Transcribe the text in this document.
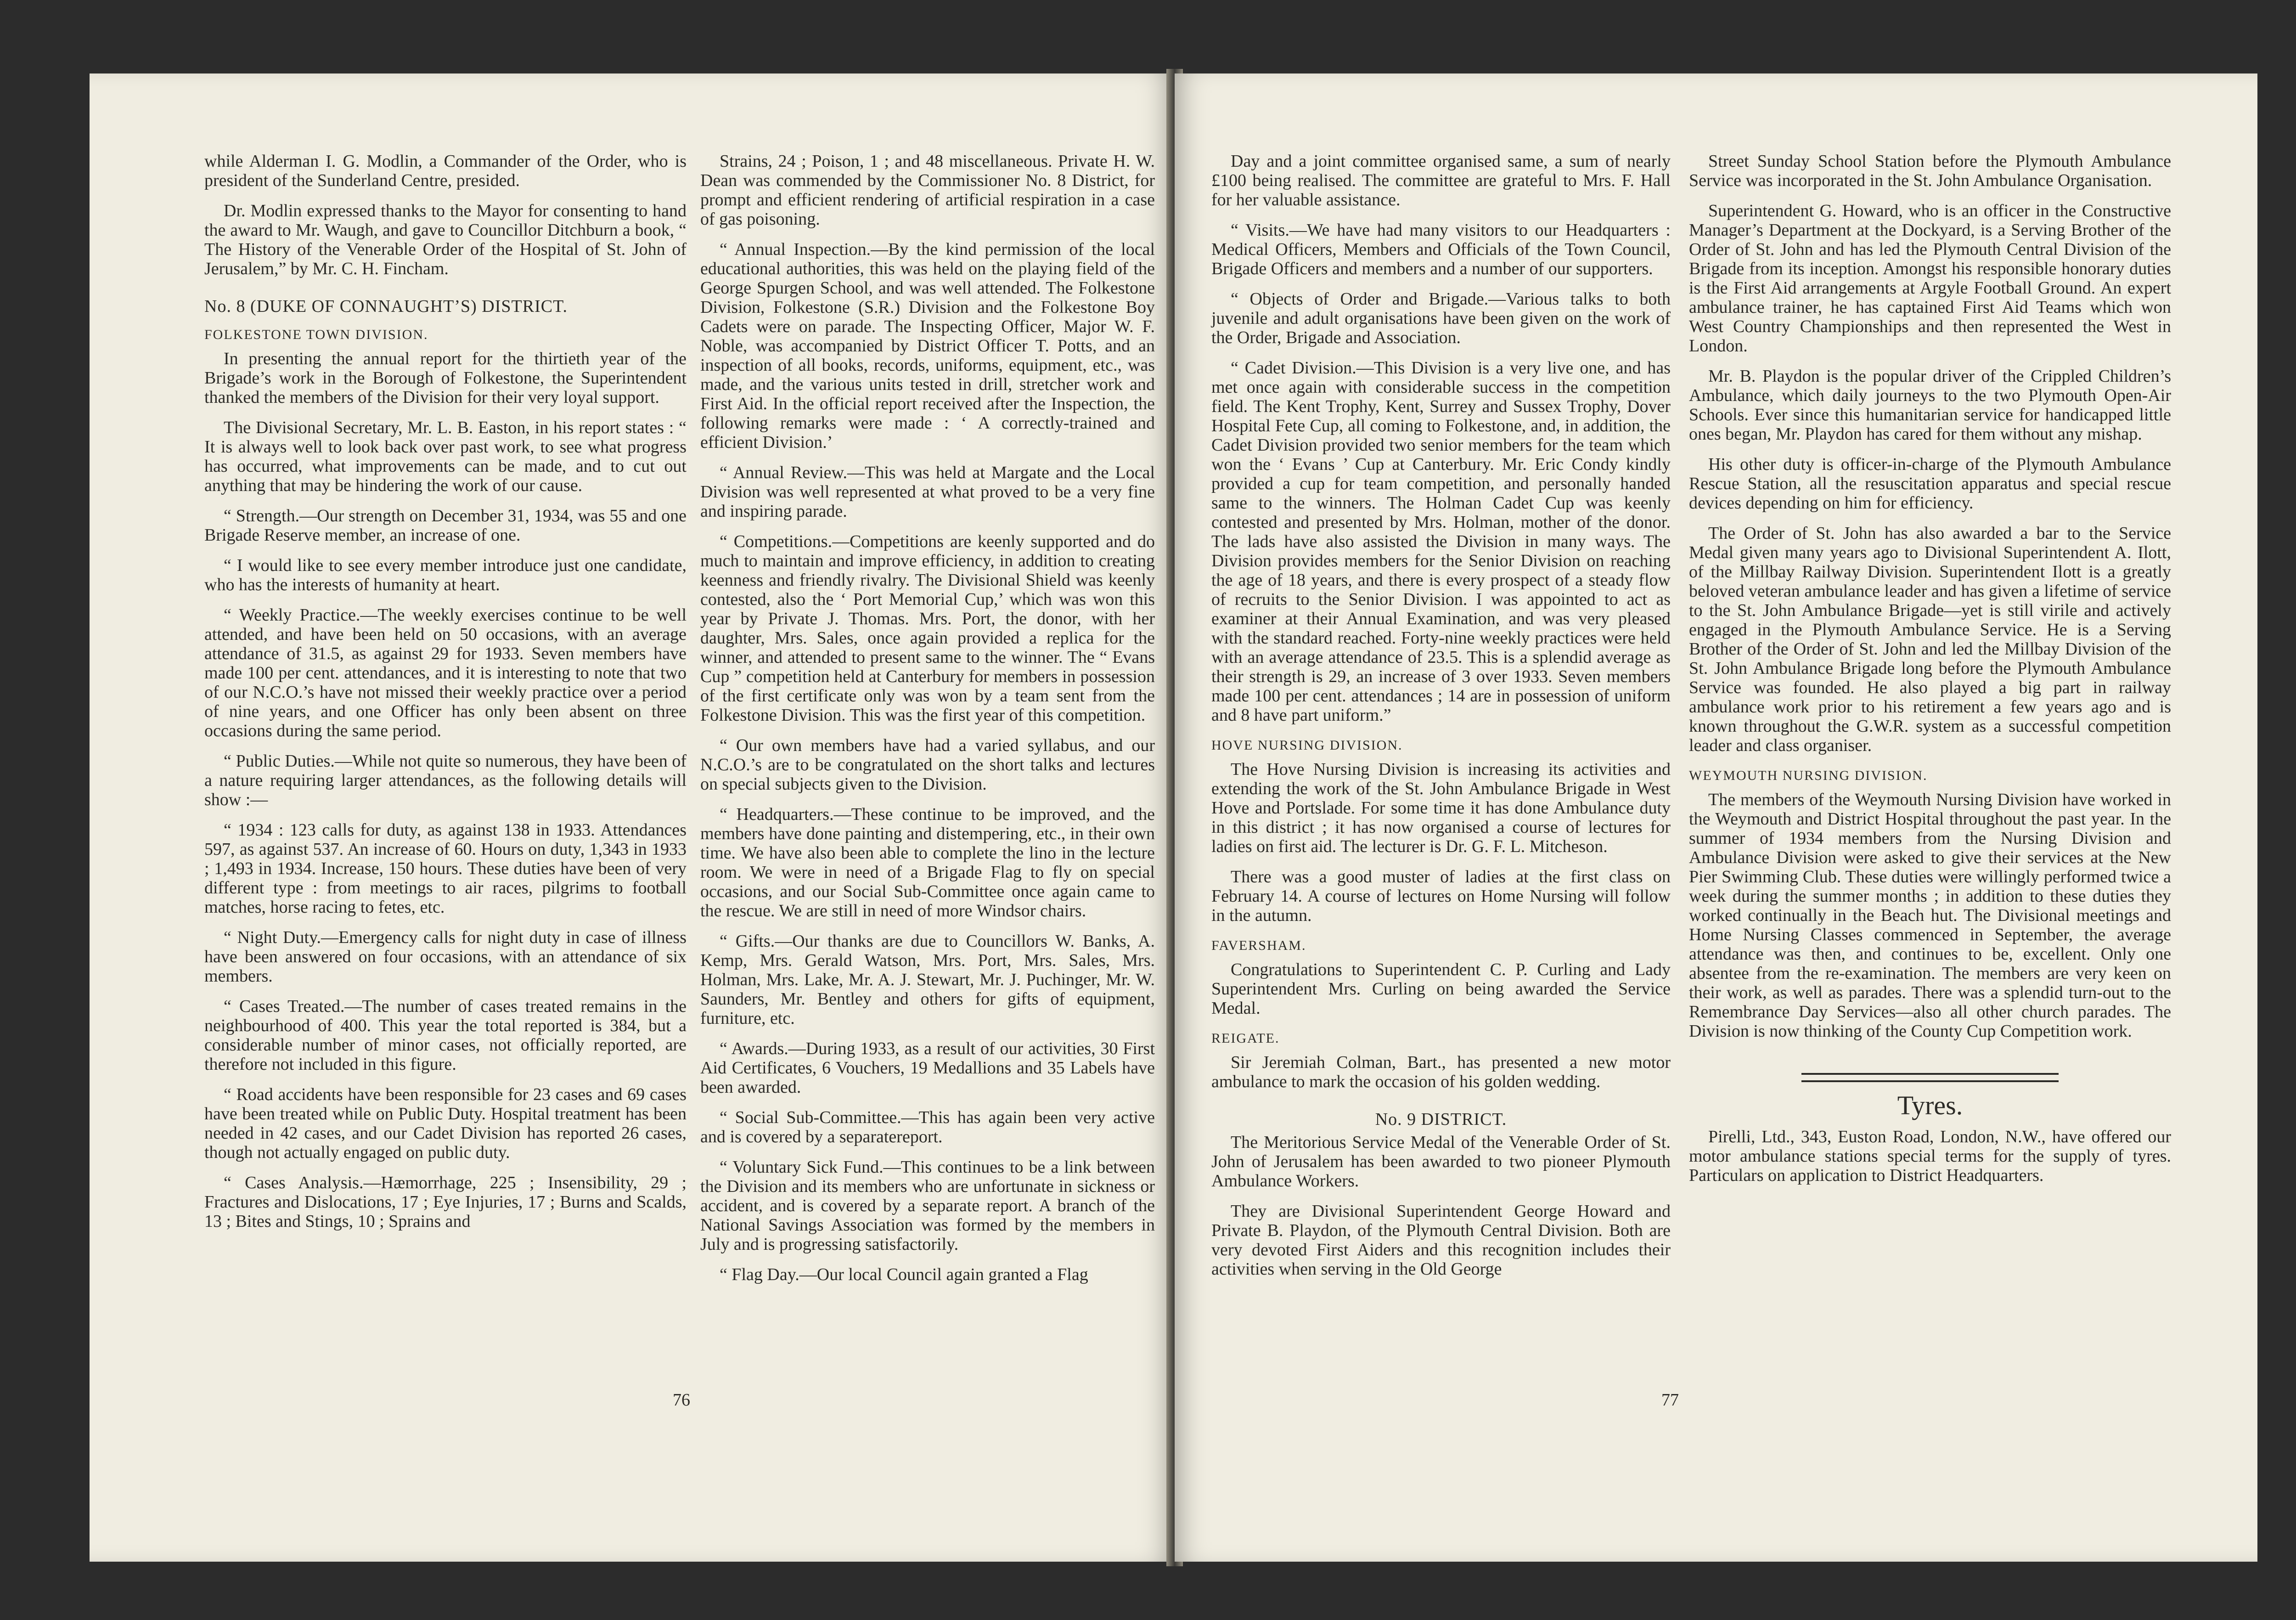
while Alderman I. G. Modlin, a Commander of the Order, who is president of the Sunderland Centre, presided.

Dr. Modlin expressed thanks to the Mayor for consenting to hand the award to Mr. Waugh, and gave to Councillor Ditchburn a book, “ The History of the Venerable Order of the Hospital of St. John of Jerusalem,” by Mr. C. H. Fincham.

No. 8 (DUKE OF CONNAUGHT’S) DISTRICT.
FOLKESTONE TOWN DIVISION.

In presenting the annual report for the thirtieth year of the Brigade’s work in the Borough of Folkestone, the Superintendent thanked the members of the Division for their very loyal support.

The Divisional Secretary, Mr. L. B. Easton, in his report states : “ It is always well to look back over past work, to see what progress has occurred, what improvements can be made, and to cut out anything that may be hindering the work of our cause.

“ Strength.—Our strength on December 31, 1934, was 55 and one Brigade Reserve member, an increase of one.

“ I would like to see every member introduce just one candidate, who has the interests of humanity at heart.

“ Weekly Practice.—The weekly exercises continue to be well attended, and have been held on 50 occasions, with an average attendance of 31.5, as against 29 for 1933. Seven members have made 100 per cent. attendances, and it is interesting to note that two of our N.C.O.’s have not missed their weekly practice over a period of nine years, and one Officer has only been absent on three occasions during the same period.

“ Public Duties.—While not quite so numerous, they have been of a nature requiring larger attendances, as the following details will show :—

“ 1934 : 123 calls for duty, as against 138 in 1933. Attendances 597, as against 537. An increase of 60. Hours on duty, 1,343 in 1933 ; 1,493 in 1934. Increase, 150 hours. These duties have been of very different type : from meetings to air races, pilgrims to football matches, horse racing to fetes, etc.

“ Night Duty.—Emergency calls for night duty in case of illness have been answered on four occasions, with an attendance of six members.

“ Cases Treated.—The number of cases treated remains in the neighbourhood of 400. This year the total reported is 384, but a considerable number of minor cases, not officially reported, are therefore not included in this figure.

“ Road accidents have been responsible for 23 cases and 69 cases have been treated while on Public Duty. Hospital treatment has been needed in 42 cases, and our Cadet Division has reported 26 cases, though not actually engaged on public duty.

“ Cases Analysis.—Hæmorrhage, 225 ; Insensibility, 29 ; Fractures and Dislocations, 17 ; Eye Injuries, 17 ; Burns and Scalds, 13 ; Bites and Stings, 10 ; Sprains and

Strains, 24 ; Poison, 1 ; and 48 miscellaneous. Private H. W. Dean was commended by the Commissioner No. 8 District, for prompt and efficient rendering of artificial respiration in a case of gas poisoning.

“ Annual Inspection.—By the kind permission of the local educational authorities, this was held on the playing field of the George Spurgen School, and was well attended. The Folkestone Division, Folkestone (S.R.) Division and the Folkestone Boy Cadets were on parade. The Inspecting Officer, Major W. F. Noble, was accompanied by District Officer T. Potts, and an inspection of all books, records, uniforms, equipment, etc., was made, and the various units tested in drill, stretcher work and First Aid. In the official report received after the Inspection, the following remarks were made : ‘ A correctly-trained and efficient Division.’

“ Annual Review.—This was held at Margate and the Local Division was well represented at what proved to be a very fine and inspiring parade.

“ Competitions.—Competitions are keenly supported and do much to maintain and improve efficiency, in addition to creating keenness and friendly rivalry. The Divisional Shield was keenly contested, also the ‘ Port Memorial Cup,’ which was won this year by Private J. Thomas. Mrs. Port, the donor, with her daughter, Mrs. Sales, once again provided a replica for the winner, and attended to present same to the winner. The “ Evans Cup ” competition held at Canterbury for members in possession of the first certificate only was won by a team sent from the Folkestone Division. This was the first year of this competition.

“ Our own members have had a varied syllabus, and our N.C.O.’s are to be congratulated on the short talks and lectures on special subjects given to the Division.

“ Headquarters.—These continue to be improved, and the members have done painting and distempering, etc., in their own time. We have also been able to complete the lino in the lecture room. We were in need of a Brigade Flag to fly on special occasions, and our Social Sub-Committee once again came to the rescue. We are still in need of more Windsor chairs.

“ Gifts.—Our thanks are due to Councillors W. Banks, A. Kemp, Mrs. Gerald Watson, Mrs. Port, Mrs. Sales, Mrs. Holman, Mrs. Lake, Mr. A. J. Stewart, Mr. J. Puchinger, Mr. W. Saunders, Mr. Bentley and others for gifts of equipment, furniture, etc.

“ Awards.—During 1933, as a result of our activities, 30 First Aid Certificates, 6 Vouchers, 19 Medallions and 35 Labels have been awarded.

“ Social Sub-Committee.—This has again been very active and is covered by a separatereport.

“ Voluntary Sick Fund.—This continues to be a link between the Division and its members who are unfortunate in sickness or accident, and is covered by a separate report. A branch of the National Savings Association was formed by the members in July and is progressing satisfactorily.

“ Flag Day.—Our local Council again granted a Flag

76

Day and a joint committee organised same, a sum of nearly £100 being realised. The committee are grateful to Mrs. F. Hall for her valuable assistance.

“ Visits.—We have had many visitors to our Headquarters : Medical Officers, Members and Officials of the Town Council, Brigade Officers and members and a number of our supporters.

“ Objects of Order and Brigade.—Various talks to both juvenile and adult organisations have been given on the work of the Order, Brigade and Association.

“ Cadet Division.—This Division is a very live one, and has met once again with considerable success in the competition field. The Kent Trophy, Kent, Surrey and Sussex Trophy, Dover Hospital Fete Cup, all coming to Folkestone, and, in addition, the Cadet Division provided two senior members for the team which won the ‘ Evans ’ Cup at Canterbury. Mr. Eric Condy kindly provided a cup for team competition, and personally handed same to the winners. The Holman Cadet Cup was keenly contested and presented by Mrs. Holman, mother of the donor. The lads have also assisted the Division in many ways. The Division provides members for the Senior Division on reaching the age of 18 years, and there is every prospect of a steady flow of recruits to the Senior Division. I was appointed to act as examiner at their Annual Examination, and was very pleased with the standard reached. Forty-nine weekly practices were held with an average attendance of 23.5. This is a splendid average as their strength is 29, an increase of 3 over 1933. Seven members made 100 per cent. attendances ; 14 are in possession of uniform and 8 have part uniform.”

HOVE NURSING DIVISION.

The Hove Nursing Division is increasing its activities and extending the work of the St. John Ambulance Brigade in West Hove and Portslade. For some time it has done Ambulance duty in this district ; it has now organised a course of lectures for ladies on first aid. The lecturer is Dr. G. F. L. Mitcheson.

There was a good muster of ladies at the first class on February 14. A course of lectures on Home Nursing will follow in the autumn.

FAVERSHAM.

Congratulations to Superintendent C. P. Curling and Lady Superintendent Mrs. Curling on being awarded the Service Medal.

REIGATE.

Sir Jeremiah Colman, Bart., has presented a new motor ambulance to mark the occasion of his golden wedding.

No. 9 DISTRICT.

The Meritorious Service Medal of the Venerable Order of St. John of Jerusalem has been awarded to two pioneer Plymouth Ambulance Workers.

They are Divisional Superintendent George Howard and Private B. Playdon, of the Plymouth Central Division. Both are very devoted First Aiders and this recognition includes their activities when serving in the Old George

Street Sunday School Station before the Plymouth Ambulance Service was incorporated in the St. John Ambulance Organisation.

Superintendent G. Howard, who is an officer in the Constructive Manager’s Department at the Dockyard, is a Serving Brother of the Order of St. John and has led the Plymouth Central Division of the Brigade from its inception. Amongst his responsible honorary duties is the First Aid arrangements at Argyle Football Ground. An expert ambulance trainer, he has captained First Aid Teams which won West Country Championships and then represented the West in London.

Mr. B. Playdon is the popular driver of the Crippled Children’s Ambulance, which daily journeys to the two Plymouth Open-Air Schools. Ever since this humanitarian service for handicapped little ones began, Mr. Playdon has cared for them without any mishap.

His other duty is officer-in-charge of the Plymouth Ambulance Rescue Station, all the resuscitation apparatus and special rescue devices depending on him for efficiency.

The Order of St. John has also awarded a bar to the Service Medal given many years ago to Divisional Superintendent A. Ilott, of the Millbay Railway Division. Superintendent Ilott is a greatly beloved veteran ambulance leader and has given a lifetime of service to the St. John Ambulance Brigade—yet is still virile and actively engaged in the Plymouth Ambulance Service. He is a Serving Brother of the Order of St. John and led the Millbay Division of the St. John Ambulance Brigade long before the Plymouth Ambulance Service was founded. He also played a big part in railway ambulance work prior to his retirement a few years ago and is known throughout the G.W.R. system as a successful competition leader and class organiser.

WEYMOUTH NURSING DIVISION.

The members of the Weymouth Nursing Division have worked in the Weymouth and District Hospital throughout the past year. In the summer of 1934 members from the Nursing Division and Ambulance Division were asked to give their services at the New Pier Swimming Club. These duties were willingly performed twice a week during the summer months ; in addition to these duties they worked continually in the Beach hut. The Divisional meetings and Home Nursing Classes commenced in September, the average attendance was then, and continues to be, excellent. Only one absentee from the re-examination. The members are very keen on their work, as well as parades. There was a splendid turn-out to the Remembrance Day Services—also all other church parades. The Division is now thinking of the County Cup Competition work.

Tyres.

Pirelli, Ltd., 343, Euston Road, London, N.W., have offered our motor ambulance stations special terms for the supply of tyres. Particulars on application to District Headquarters.

77
